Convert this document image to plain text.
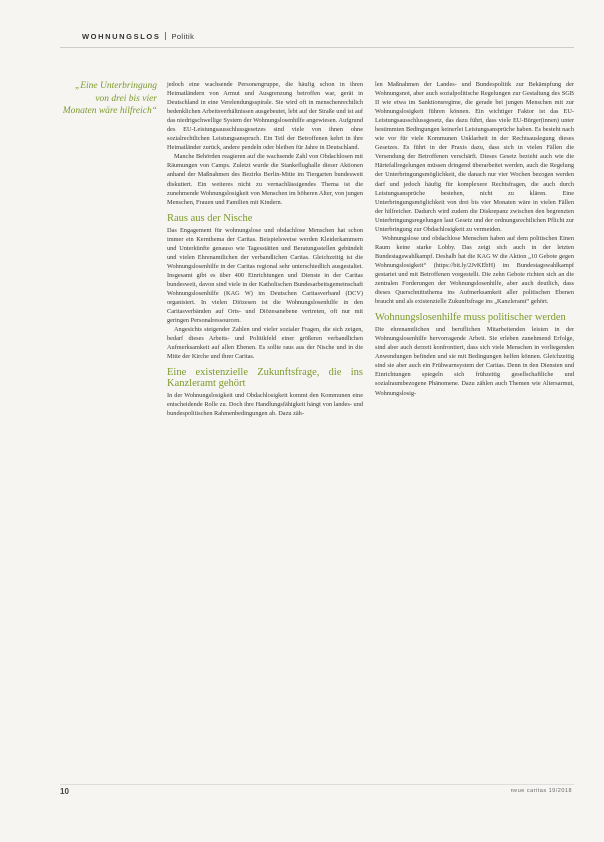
WOHNUNGSLOS Politik
„Eine Unterbringung von drei bis vier Monaten wäre hilfreich“

jedoch eine wachsende Personengruppe, die häufig schon in ihren Heimatländern von Armut und Ausgrenzung betroffen war, gerät in Deutschland in eine Verelendungsspirale. Sie wird oft in menschenrechtlich bedenklichen Arbeitsverhältnissen ausgebeutet, lebt auf der Straße und ist auf das niedrigschwellige System der Wohnungslosenhilfe angewiesen. Aufgrund des EU-Leistungsausschlussgesetzes sind viele von ihnen ohne sozialrechtlichen Leistungsanspruch. Ein Teil der Betroffenen kehrt in ihre Heimatländer zurück, andere pendeln oder bleiben für Jahre in Deutschland.

Manche Behörden reagieren auf die wachsende Zahl von Obdachlosen mit Räumungen von Camps. Zuletzt wurde die Stankeflughalle dieser Aktionen anhand der Maßnahmen des Bezirks Berlin-Mitte im Tiergarten bundesweit diskutiert. Ein weiteres nicht zu vernachlässigendes Thema ist die zunehmende Wohnungslosigkeit von Menschen im höheren Alter, von jungen Menschen, Frauen und Familien mit Kindern.

Raus aus der Nische

Das Engagement für wohnungslose und obdachlose Menschen hat schon immer ein Kernthema der Caritas. Beispielsweise werden Kleiderkammern und Unterkünfte genauso wie Tagesstätten und Beratungsstellen gebündelt und vielen Ehrenamtlichen der verbandlichen Caritas. Gleichzeitig ist die Wohnungslosenhilfe in der Caritas regional sehr unterschiedlich ausgestaltet. Insgesamt gibt es über 400 Einrichtungen und Dienste in der Caritas bundesweit, davon sind viele in der Katholischen Bundesarbeitsgemeinschaft Wohnungslosenhilfe (KAG W) im Deutschen Caritasverband (DCV) organisiert. In vielen Diözesen ist die Wohnungslosenhilfe in den Caritasverbänden auf Orts- und Diözesanebene vertreten, oft nur mit geringen Personalressourcen.

Angesichts steigender Zahlen und vieler sozialer Fragen, die sich zeigen, bedarf dieses Arbeits- und Politikfeld einer größeren verbandlichen Aufmerksamkeit auf allen Ebenen. Es sollte raus aus der Nische und in die Mitte der Kirche und ihrer Caritas.

Eine existenzielle Zukunftsfrage, die ins Kanzleramt gehört

In der Wohnungslosigkeit und Obdachlosigkeit kommt den Kommunen eine entscheidende Rolle zu. Doch ihre Handlungsfähigkeit hängt von landes- und bundespolitischen Rahmenbedingungen ab. Dazu zäh-

len Maßnahmen der Landes- und Bundespolitik zur Bekämpfung der Wohnungsnot, aber auch sozialpolitische Regelungen zur Gestaltung des SGB II wie etwa im Sanktionsregime, die gerade bei jungen Menschen mit zur Wohnungslosigkeit führen können. Ein wichtiger Faktor ist das EU-Leistungsausschlussgesetz, das dazu führt, dass viele EU-Bürger(innen) unter bestimmten Bedingungen keinerlei Leistungsansprüche haben. Es besteht nach wie vor für viele Kommunen Unklarheit in der Rechtsauslegung dieses Gesetzes. Es führt in der Praxis dazu, dass sich in vielen Fällen die Versendung der Betroffenen verschärft. Dieses Gesetz bezieht auch wie die Härtefallregelungen müssen dringend überarbeitet werden, auch die Regelung der Unterbringungsmöglichkeit, die danach nur vier Wochen bezogen werden darf und jedoch häufig für komplexere Rechtsfragen, die auch durch Leistungsansprüche bestehen, nicht zu klären. Eine Unterbringungsmöglichkeit von drei bis vier Monaten wäre in vielen Fällen der hilfreicher. Dadurch wird zudem die Diskrepanz zwischen den begrenzten Unterbringungsregelungen laut Gesetz und der ordnungsrechtlichen Pflicht zur Unterbringung zur Obdachlosigkeit zu vermeiden.

Wohnungslose und obdachlose Menschen haben auf dem politischen Einen Raum keine starke Lobby. Das zeigt sich auch in der letzten Bundestagswahlkampf. Deshalb hat die KAG W die Aktion „10 Gebote gegen Wohnungslosigkeit“ (https://bit.ly/2JvKEbH) im Bundestagswahlkampf gestartet und mit Betroffenen vorgestellt. Die zehn Gebote richten sich an die zentralen Forderungen der Wohnungslosenhilfe, aber auch deutlich, dass dieses Querschnittsthema ins Aufmerksamkeit aller politischen Ebenen braucht und als existenzielle Zukunftsfrage ins „Kanzleramt“ gehört.

Wohnungslosenhilfe muss politischer werden

Die ehrenamtlichen und beruflichen Mitarbeitenden leisten in der Wohnungslosenhilfe hervorragende Arbeit. Sie erleben zunehmend Erfolge, sind aber auch derzeit konfrontiert, dass sich viele Menschen in vorliegenden Anwendungen befinden und sie mit Bedingungen helfen können. Gleichzeitig sind sie aber auch ein Frühwarnsystem der Caritas. Denn in den Diensten und Einrichtungen spiegeln sich frühzeitig gesellschaftliche und sozialraumbezogene Phänomene. Dazu zählen auch Themen wie Altersarmut, Wohnungslosig-

10	neue caritas 19/2018
